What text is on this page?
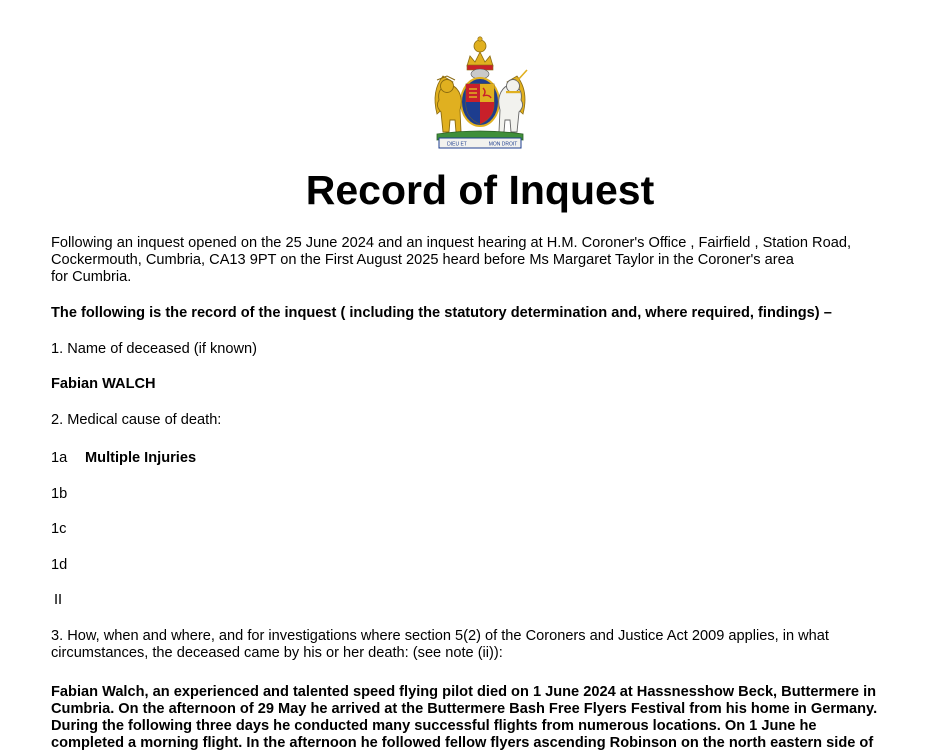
DIEU ET	MON DROIT
Record of Inquest

Following an inquest opened on the 25 June 2024 and an inquest hearing at H.M. Coroner's Office , Fairfield , Station Road,

Cockermouth, Cumbria, CA13 9PT on the First August 2025 heard before Ms Margaret Taylor in the Coroner's area

for Cumbria.

The following is the record of the inquest ( including the statutory determination and, where required, findings) –

1. Name of deceased (if known)

Fabian WALCH

2. Medical cause of death:

1a Multiple Injuries

1b

1c

1d

II

3. How, when and where, and for investigations where section 5(2) of the Coroners and Justice Act 2009 applies, in what

circumstances, the deceased came by his or her death: (see note (ii)):

Fabian Walch, an experienced and talented speed flying pilot died on 1 June 2024 at Hassnesshow Beck, Buttermere in

Cumbria. On the afternoon of 29 May he arrived at the Buttermere Bash Free Flyers Festival from his home in Germany.

During the following three days he conducted many successful flights from numerous locations. On 1 June he

completed a morning flight. In the afternoon he followed fellow flyers ascending Robinson on the north eastern side of
